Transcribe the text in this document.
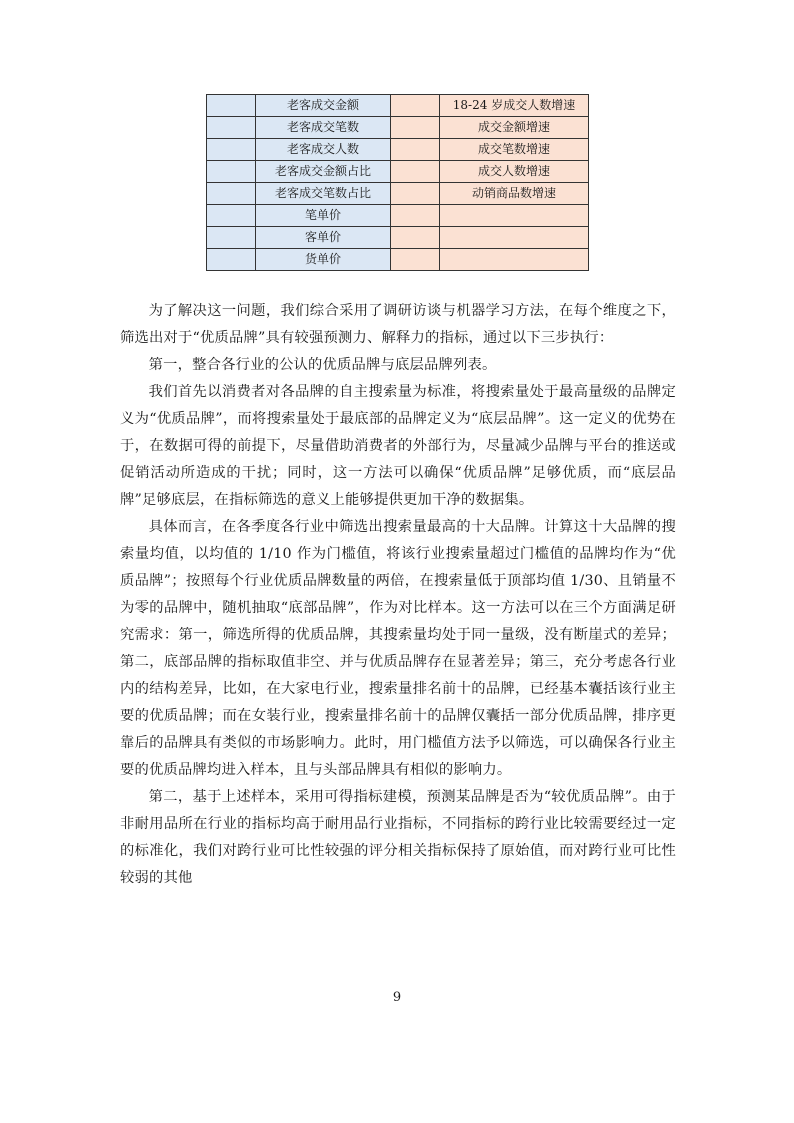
	老客成交金额		18-24 岁成交人数增速
	老客成交笔数		成交金额增速
	老客成交人数		成交笔数增速
	老客成交金额占比		成交人数增速
	老客成交笔数占比		动销商品数增速
	笔单价		
	客单价		
	货单价		

为了解决这一问题，我们综合采用了调研访谈与机器学习方法，在每个维度之下，筛选出对于“优质品牌”具有较强预测力、解释力的指标，通过以下三步执行：

第一，整合各行业的公认的优质品牌与底层品牌列表。

我们首先以消费者对各品牌的自主搜索量为标准，将搜索量处于最高量级的品牌定义为“优质品牌”，而将搜索量处于最底部的品牌定义为“底层品牌”。这一定义的优势在于，在数据可得的前提下，尽量借助消费者的外部行为，尽量减少品牌与平台的推送或促销活动所造成的干扰；同时，这一方法可以确保“优质品牌”足够优质，而“底层品牌”足够底层，在指标筛选的意义上能够提供更加干净的数据集。

具体而言，在各季度各行业中筛选出搜索量最高的十大品牌。计算这十大品牌的搜索量均值，以均值的 1/10 作为门槛值，将该行业搜索量超过门槛值的品牌均作为“优质品牌”；按照每个行业优质品牌数量的两倍，在搜索量低于顶部均值 1/30、且销量不为零的品牌中，随机抽取“底部品牌”，作为对比样本。这一方法可以在三个方面满足研究需求：第一，筛选所得的优质品牌，其搜索量均处于同一量级，没有断崖式的差异；第二，底部品牌的指标取值非空、并与优质品牌存在显著差异；第三，充分考虑各行业内的结构差异，比如，在大家电行业，搜索量排名前十的品牌，已经基本囊括该行业主要的优质品牌；而在女装行业，搜索量排名前十的品牌仅囊括一部分优质品牌，排序更靠后的品牌具有类似的市场影响力。此时，用门槛值方法予以筛选，可以确保各行业主要的优质品牌均进入样本，且与头部品牌具有相似的影响力。

第二，基于上述样本，采用可得指标建模，预测某品牌是否为“较优质品牌”。由于非耐用品所在行业的指标均高于耐用品行业指标，不同指标的跨行业比较需要经过一定的标准化，我们对跨行业可比性较强的评分相关指标保持了原始值，而对跨行业可比性较弱的其他

9
